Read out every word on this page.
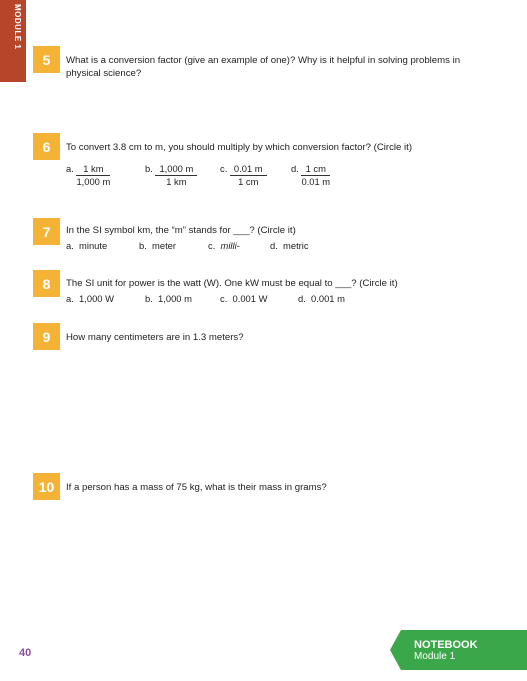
MODULE 1
5	What is a conversion factor (give an example of one)? Why is it helpful in solving problems in physical science?
6	To convert 3.8 cm to m, you should multiply by which conversion factor? (Circle it)
a. $\frac{1 km}{1,000 m}$	b. $\frac{1,000 m}{1 km} c$. $\frac{0.01 m}{1 cm}$	d. $\frac{1 cm}{0.01 m}$
7	In the SI symbol km, the “m” stands for ___? (Circle it)
a. minute	b. meter	c. milli-	d. metric
8	The SI unit for power is the watt (W). One kW must be equal to ___? (Circle it)
a. 1,000 W	b. 1,000 m	c. 0.001 W	d. 0.001 m
9	How many centimeters are in 1.3 meters?
10	If a person has a mass of 75 kg, what is their mass in grams?
40
NOTEBOOK
Module 1
